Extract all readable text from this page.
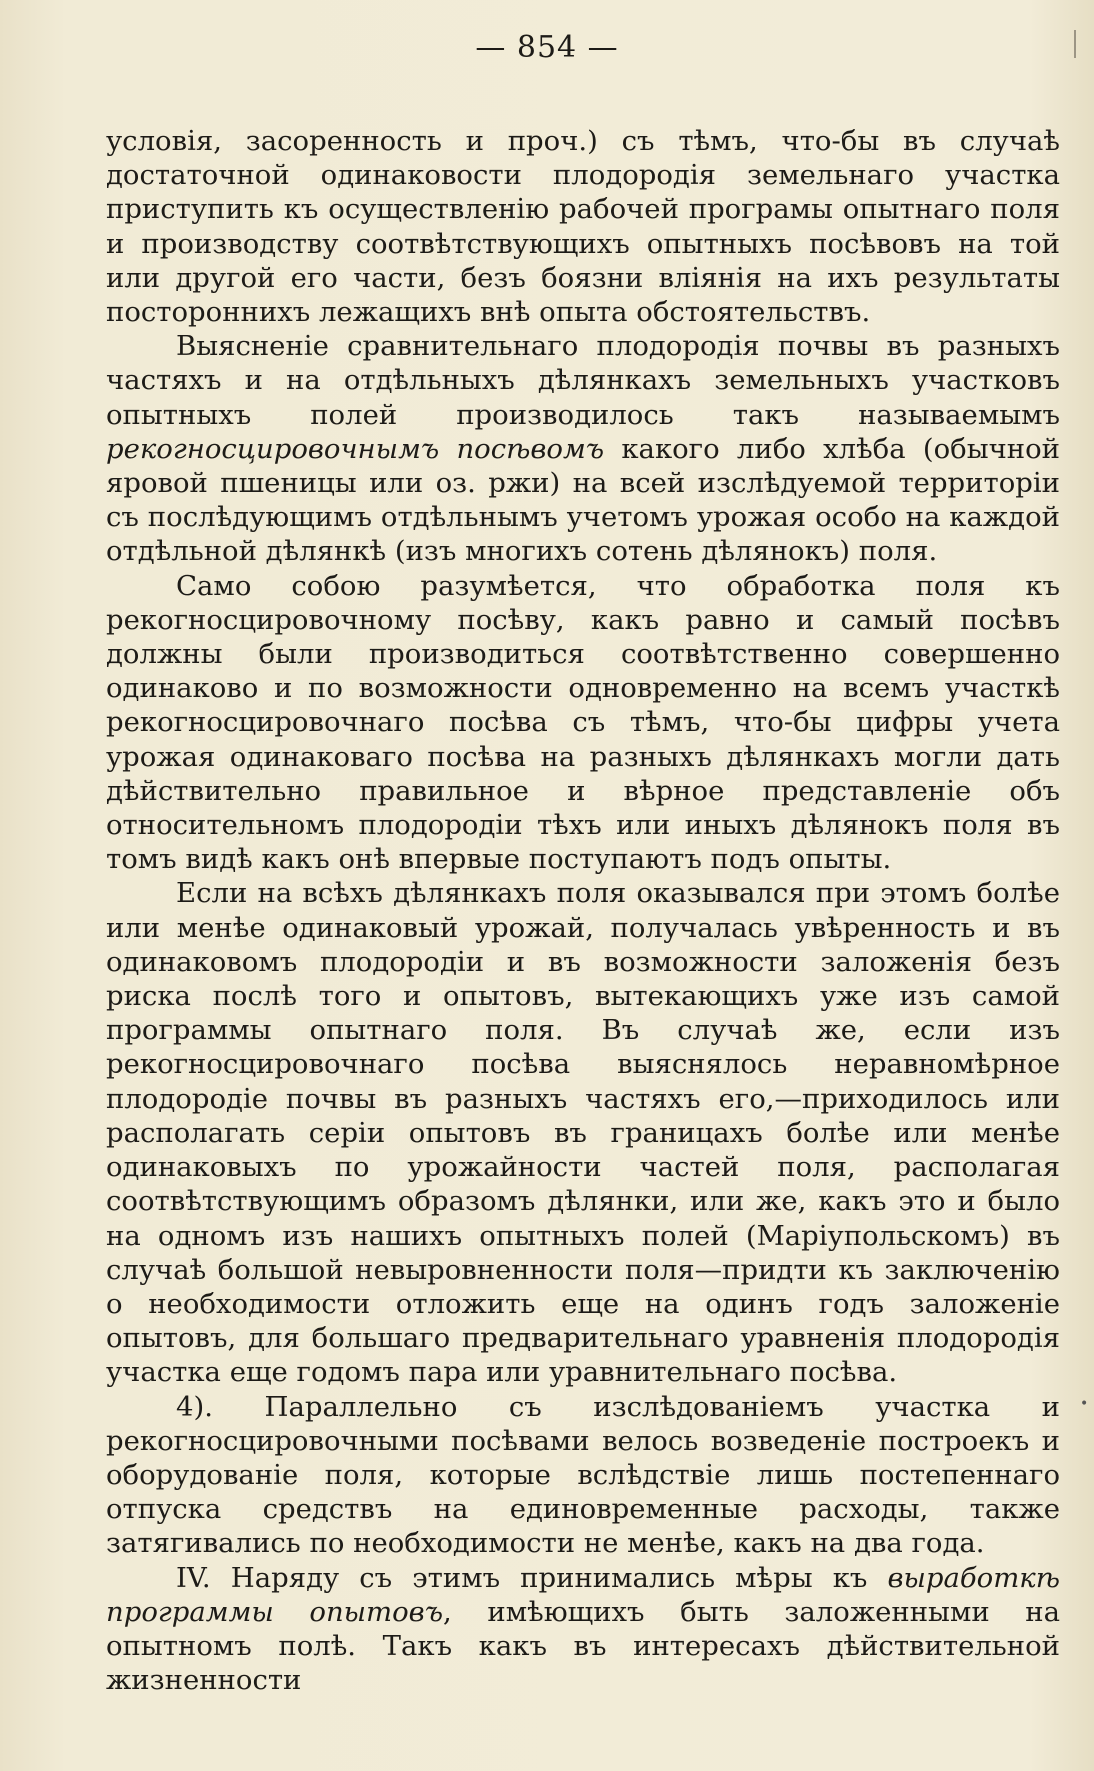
— 854 —

условія, засоренность и проч.) съ тѣмъ, что-бы въ случаѣ достаточной одинаковости плодородія земельнаго участка приступить къ осуществленію рабочей програмы опытнаго поля и производству соотвѣтствующихъ опытныхъ посѣвовъ на той или другой его части, безъ боязни вліянія на ихъ результаты постороннихъ лежащихъ внѣ опыта обстоятельствъ.

Выясненіе сравнительнаго плодородія почвы въ разныхъ частяхъ и на отдѣльныхъ дѣлянкахъ земельныхъ участковъ опытныхъ полей производилось такъ называемымъ рекогносцировочнымъ посѣвомъ какого либо хлѣба (обычной яровой пшеницы или оз. ржи) на всей изслѣдуемой территоріи съ послѣдующимъ отдѣльнымъ учетомъ урожая особо на каждой отдѣльной дѣлянкѣ (изъ многихъ сотень дѣлянокъ) поля.

Само собою разумѣется, что обработка поля къ рекогносцировочному посѣву, какъ равно и самый посѣвъ должны были производиться соотвѣтственно совершенно одинаково и по возможности одновременно на всемъ участкѣ рекогносцировочнаго посѣва съ тѣмъ, что-бы цифры учета урожая одинаковаго посѣва на разныхъ дѣлянкахъ могли дать дѣйствительно правильное и вѣрное представленіе объ относительномъ плодородіи тѣхъ или иныхъ дѣлянокъ поля въ томъ видѣ какъ онѣ впервые поступаютъ подъ опыты.

Если на всѣхъ дѣлянкахъ поля оказывался при этомъ болѣе или менѣе одинаковый урожай, получалась увѣренность и въ одинаковомъ плодородіи и въ возможности заложенія безъ риска послѣ того и опытовъ, вытекающихъ уже изъ самой программы опытнаго поля. Въ случаѣ же, если изъ рекогносцировочнаго посѣва выяснялось неравномѣрное плодородіе почвы въ разныхъ частяхъ его,—приходилось или располагать серіи опытовъ въ границахъ болѣе или менѣе одинаковыхъ по урожайности частей поля, располагая соотвѣтствующимъ образомъ дѣлянки, или же, какъ это и было на одномъ изъ нашихъ опытныхъ полей (Маріупольскомъ) въ случаѣ большой невыровненности поля—придти къ заключенію о необходимости отложить еще на одинъ годъ заложеніе опытовъ, для большаго предварительнаго уравненія плодородія участка еще годомъ пара или уравнительнаго посѣва.

4). Параллельно съ изслѣдованіемъ участка и рекогносцировочными посѣвами велось возведеніе построекъ и оборудованіе поля, которые вслѣдствіе лишь постепеннаго отпуска средствъ на единовременные расходы, также затягивались по необходимости не менѣе, какъ на два года.

IV. Наряду съ этимъ принимались мѣры къ выработкѣ программы опытовъ, имѣющихъ быть заложенными на опытномъ полѣ. Такъ какъ въ интересахъ дѣйствительной жизненности

•
